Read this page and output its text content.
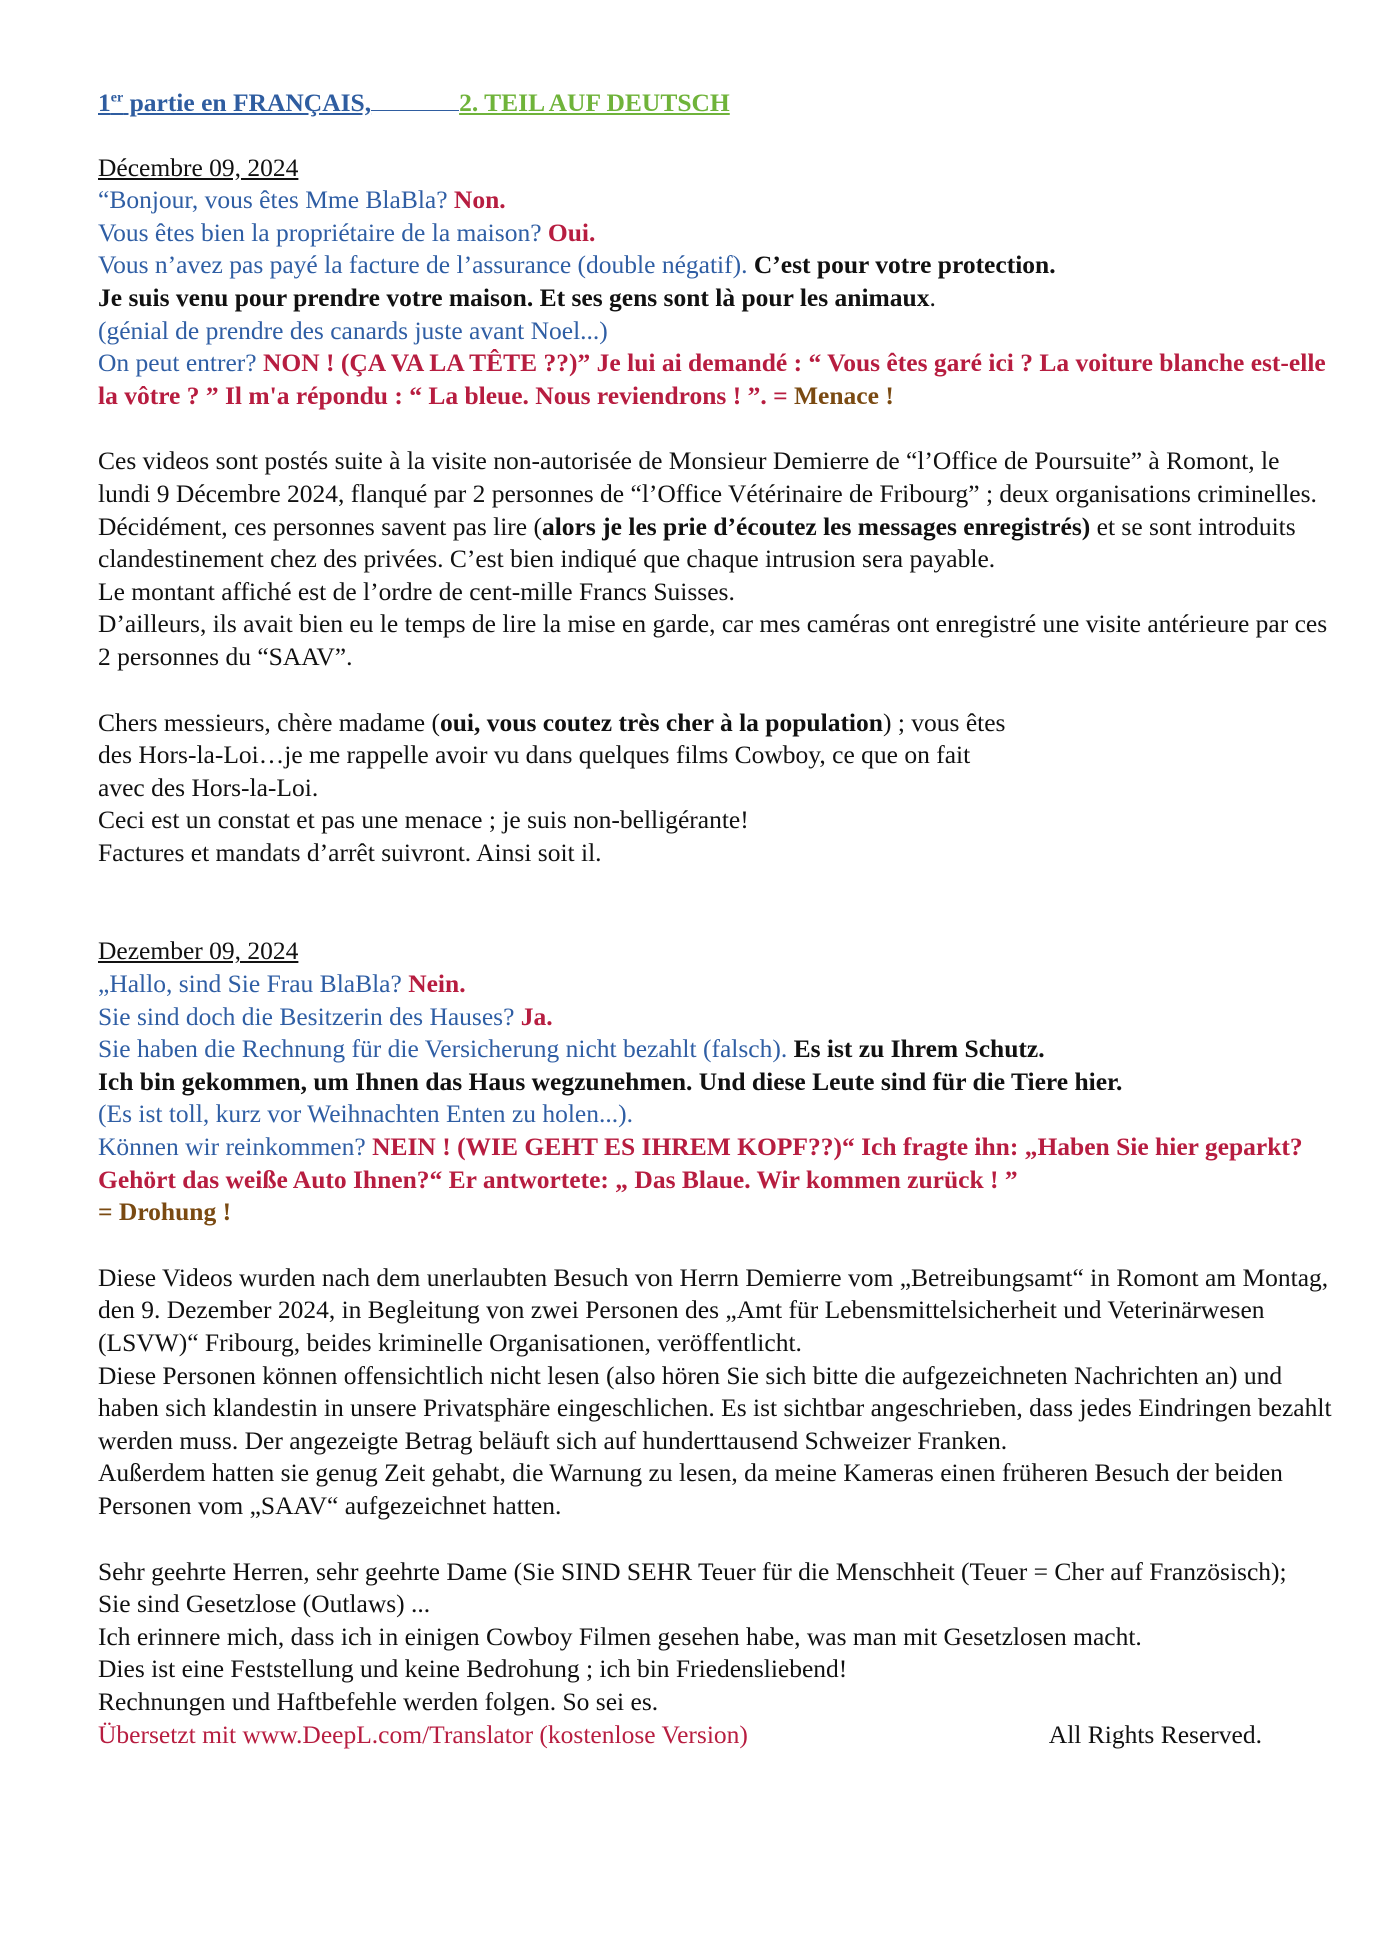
1er partie en FRANÇAIS,	2. TEIL AUF DEUTSCH

Décembre 09, 2024

“Bonjour, vous êtes Mme BlaBla? Non.

Vous êtes bien la propriétaire de la maison? Oui.

Vous n’avez pas payé la facture de l’assurance (double négatif). C’est pour votre protection.

Je suis venu pour prendre votre maison. Et ses gens sont là pour les animaux.

(génial de prendre des canards juste avant Noel...)

On peut entrer? NON ! (ÇA VA LA TÊTE ??)” Je lui ai demandé : “ Vous êtes garé ici ? La voiture blanche est-elle la vôtre ? ” Il m'a répondu : “ La bleue. Nous reviendrons ! ”. = Menace !

Ces videos sont postés suite à la visite non-autorisée de Monsieur Demierre de “l’Office de Poursuite” à Romont, le lundi 9 Décembre 2024, flanqué par 2 personnes de “l’Office Vétérinaire de Fribourg” ; deux organisations criminelles.

Décidément, ces personnes savent pas lire (alors je les prie d’écoutez les messages enregistrés) et se sont introduits clandestinement chez des privées. C’est bien indiqué que chaque intrusion sera payable.

Le montant affiché est de l’ordre de cent-mille Francs Suisses.

D’ailleurs, ils avait bien eu le temps de lire la mise en garde, car mes caméras ont enregistré une visite antérieure par ces 2 personnes du “SAAV”.

Chers messieurs, chère madame (oui, vous coutez très cher à la population) ; vous êtes

des Hors-la-Loi…je me rappelle avoir vu dans quelques films Cowboy, ce que on fait

avec des Hors-la-Loi.

Ceci est un constat et pas une menace ; je suis non-belligérante!

Factures et mandats d’arrêt suivront. Ainsi soit il.

Dezember 09, 2024

„Hallo, sind Sie Frau BlaBla? Nein.

Sie sind doch die Besitzerin des Hauses? Ja.

Sie haben die Rechnung für die Versicherung nicht bezahlt (falsch). Es ist zu Ihrem Schutz.

Ich bin gekommen, um Ihnen das Haus wegzunehmen. Und diese Leute sind für die Tiere hier.

(Es ist toll, kurz vor Weihnachten Enten zu holen...).

Können wir reinkommen? NEIN ! (WIE GEHT ES IHREM KOPF??)“ Ich fragte ihn: „Haben Sie hier geparkt? Gehört das weiße Auto Ihnen?“ Er antwortete: „ Das Blaue. Wir kommen zurück ! ”
= Drohung !

Diese Videos wurden nach dem unerlaubten Besuch von Herrn Demierre vom „Betreibungsamt“ in Romont am Montag, den 9. Dezember 2024, in Begleitung von zwei Personen des „Amt für Lebensmittelsicherheit und Veterinärwesen (LSVW)“ Fribourg, beides kriminelle Organisationen, veröffentlicht.

Diese Personen können offensichtlich nicht lesen (also hören Sie sich bitte die aufgezeichneten Nachrichten an) und haben sich klandestin in unsere Privatsphäre eingeschlichen. Es ist sichtbar angeschrieben, dass jedes Eindringen bezahlt werden muss. Der angezeigte Betrag beläuft sich auf hunderttausend Schweizer Franken.

Außerdem hatten sie genug Zeit gehabt, die Warnung zu lesen, da meine Kameras einen früheren Besuch der beiden Personen vom „SAAV“ aufgezeichnet hatten.

Sehr geehrte Herren, sehr geehrte Dame (Sie SIND SEHR Teuer für die Menschheit (Teuer = Cher auf Französisch);

Sie sind Gesetzlose (Outlaws) ...

Ich erinnere mich, dass ich in einigen Cowboy Filmen gesehen habe, was man mit Gesetzlosen macht.

Dies ist eine Feststellung und keine Bedrohung ; ich bin Friedensliebend!

Rechnungen und Haftbefehle werden folgen. So sei es.

Übersetzt mit www.DeepL.com/Translator (kostenlose Version)	All Rights Reserved.
